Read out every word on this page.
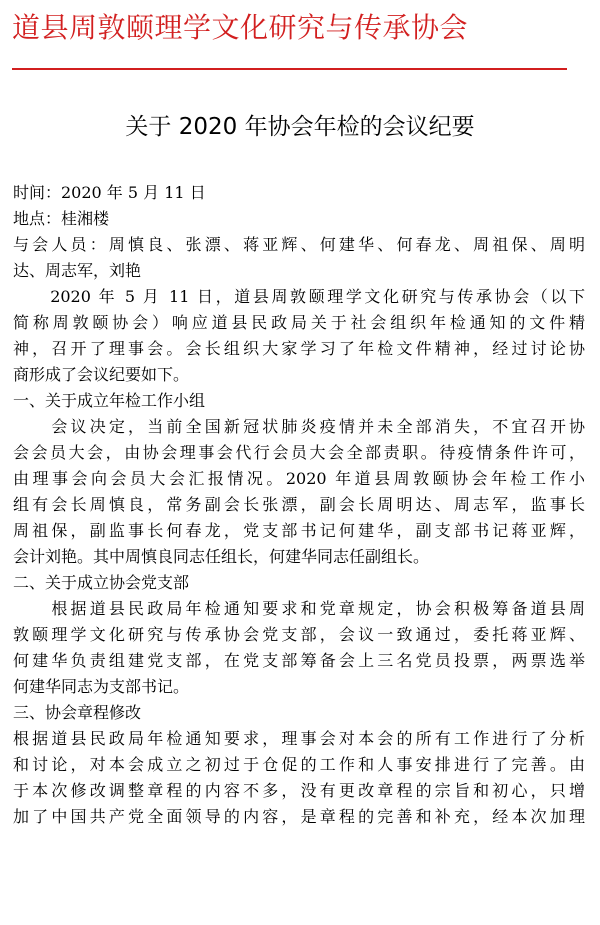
道县周敦颐理学文化研究与传承协会
关于 2020 年协会年检的会议纪要
时间：2020 年 5 月 11 日
地点：桂湘楼
与会人员：周慎良、张漂、蒋亚辉、何建华、何春龙、周祖保、周明
达、周志军，刘艳
　　2020 年 5 月 11 日，道县周敦颐理学文化研究与传承协会（以下
简称周敦颐协会）响应道县民政局关于社会组织年检通知的文件精
神，召开了理事会。会长组织大家学习了年检文件精神，经过讨论协
商形成了会议纪要如下。
一、关于成立年检工作小组
　　会议决定，当前全国新冠状肺炎疫情并未全部消失，不宜召开协
会会员大会，由协会理事会代行会员大会全部责职。待疫情条件许可，
由理事会向会员大会汇报情况。2020 年道县周敦颐协会年检工作小
组有会长周慎良，常务副会长张漂，副会长周明达、周志军，监事长
周祖保，副监事长何春龙，党支部书记何建华，副支部书记蒋亚辉，
会计刘艳。其中周慎良同志任组长，何建华同志任副组长。
二、关于成立协会党支部
　　根据道县民政局年检通知要求和党章规定，协会积极筹备道县周
敦颐理学文化研究与传承协会党支部，会议一致通过，委托蒋亚辉、
何建华负责组建党支部，在党支部筹备会上三名党员投票，两票选举
何建华同志为支部书记。
三、协会章程修改
根据道县民政局年检通知要求，理事会对本会的所有工作进行了分析
和讨论，对本会成立之初过于仓促的工作和人事安排进行了完善。由
于本次修改调整章程的内容不多，没有更改章程的宗旨和初心，只增
加了中国共产党全面领导的内容，是章程的完善和补充，经本次加理
